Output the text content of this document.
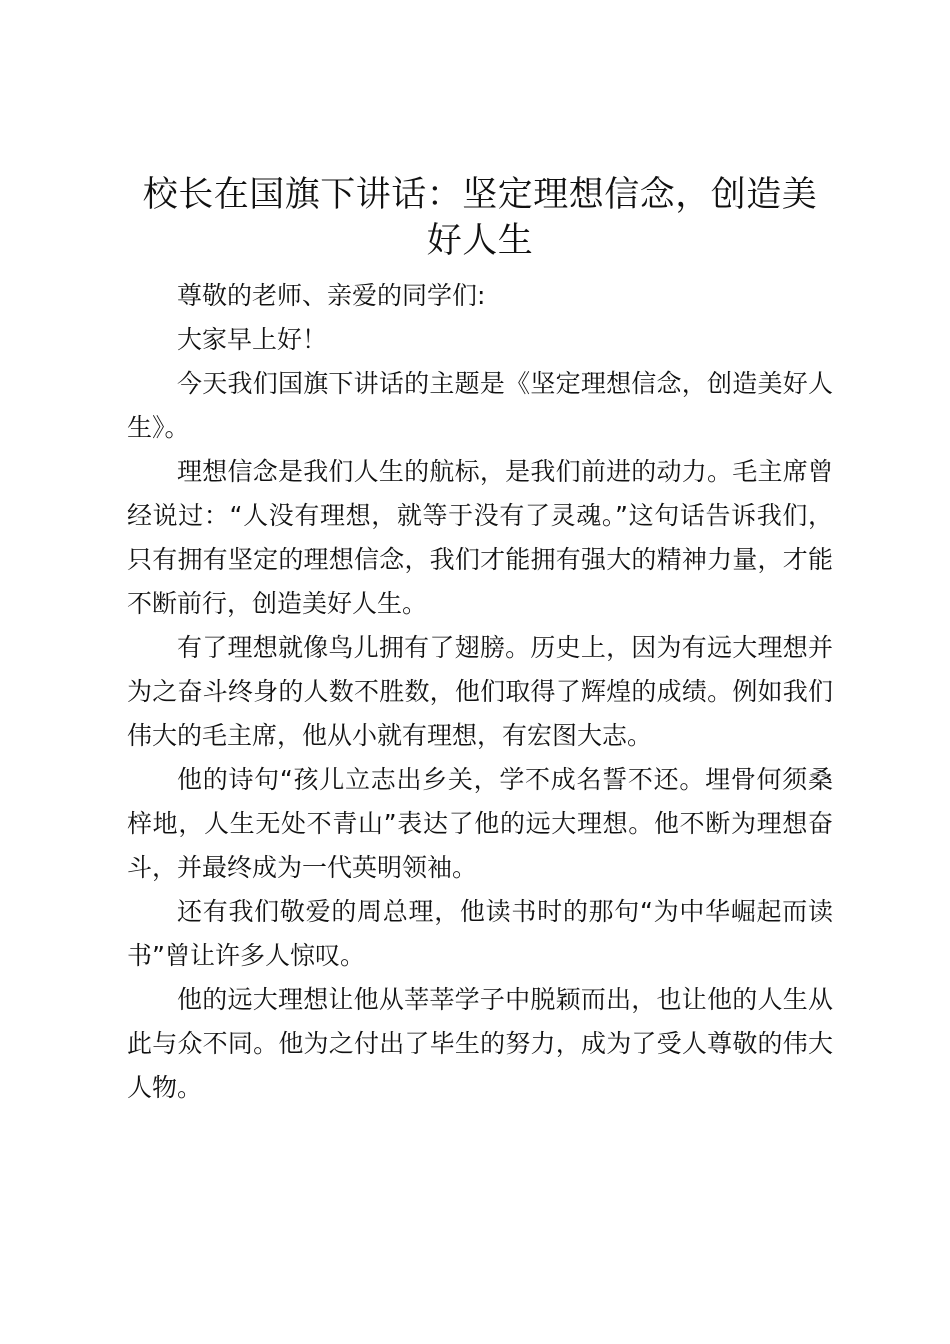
校长在国旗下讲话：坚定理想信念，创造美好人生

尊敬的老师、亲爱的同学们:

大家早上好！

今天我们国旗下讲话的主题是《坚定理想信念，创造美好人生》。

理想信念是我们人生的航标，是我们前进的动力。毛主席曾经说过：“人没有理想，就等于没有了灵魂。”这句话告诉我们，只有拥有坚定的理想信念，我们才能拥有强大的精神力量，才能不断前行，创造美好人生。

有了理想就像鸟儿拥有了翅膀。历史上，因为有远大理想并为之奋斗终身的人数不胜数，他们取得了辉煌的成绩。例如我们伟大的毛主席，他从小就有理想，有宏图大志。

他的诗句“孩儿立志出乡关，学不成名誓不还。埋骨何须桑梓地，人生无处不青山”表达了他的远大理想。他不断为理想奋斗，并最终成为一代英明领袖。

还有我们敬爱的周总理，他读书时的那句“为中华崛起而读书”曾让许多人惊叹。

他的远大理想让他从莘莘学子中脱颖而出，也让他的人生从此与众不同。他为之付出了毕生的努力，成为了受人尊敬的伟大人物。
